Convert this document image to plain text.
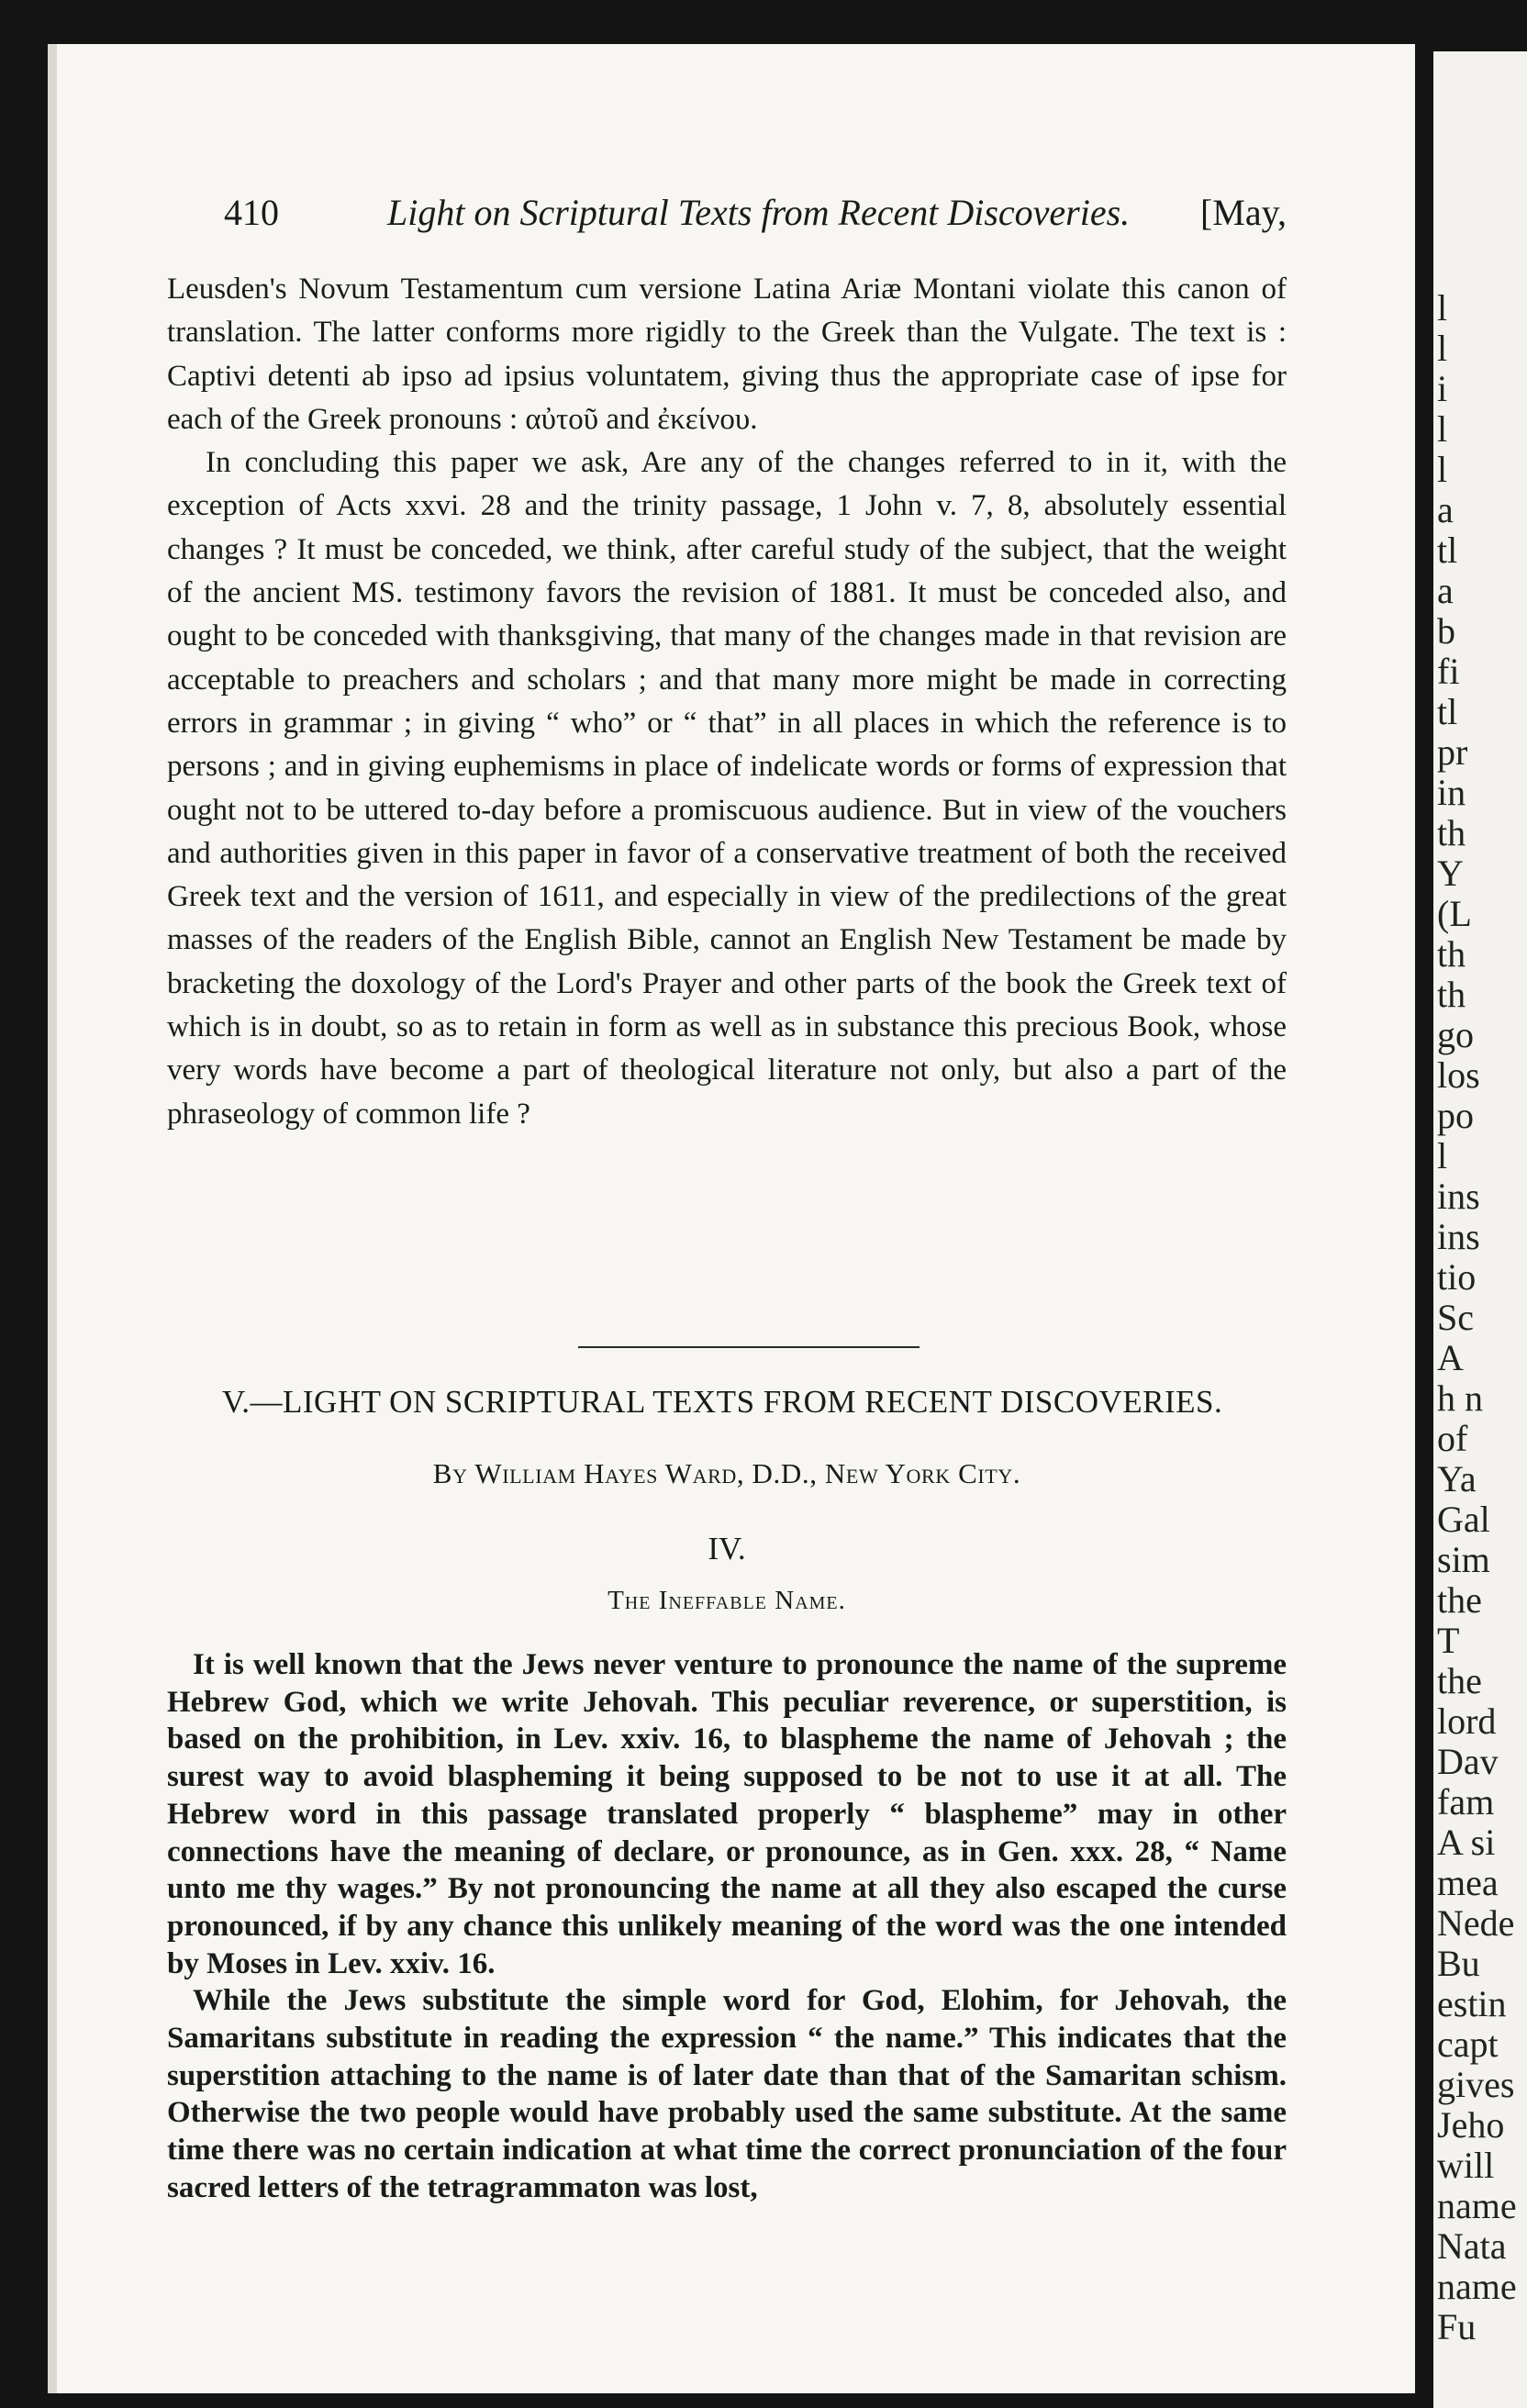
410	Light on Scriptural Texts from Recent Discoveries. [May,

Leusden's Novum Testamentum cum versione Latina Ariæ Montani violate this canon of translation. The latter conforms more rigidly to the Greek than the Vulgate. The text is : Captivi detenti ab ipso ad ipsius voluntatem, giving thus the appropriate case of ipse for each of the Greek pronouns : αὐτοῦ and ἐκείνου.

In concluding this paper we ask, Are any of the changes referred to in it, with the exception of Acts xxvi. 28 and the trinity passage, 1 John v. 7, 8, absolutely essential changes ? It must be conceded, we think, after careful study of the subject, that the weight of the ancient MS. testimony favors the revision of 1881. It must be conceded also, and ought to be conceded with thanksgiving, that many of the changes made in that revision are acceptable to preachers and scholars ; and that many more might be made in correcting errors in grammar ; in giving “ who” or “ that” in all places in which the reference is to persons ; and in giving euphemisms in place of indelicate words or forms of expression that ought not to be uttered to-day before a promiscuous audience. But in view of the vouchers and authorities given in this paper in favor of a conservative treatment of both the received Greek text and the version of 1611, and especially in view of the predilections of the great masses of the readers of the English Bible, cannot an English New Testament be made by bracketing the doxology of the Lord's Prayer and other parts of the book the Greek text of which is in doubt, so as to retain in form as well as in substance this precious Book, whose very words have become a part of theological literature not only, but also a part of the phraseology of common life ?

V.—LIGHT ON SCRIPTURAL TEXTS FROM RECENT DISCOVERIES.
By William Hayes Ward, D.D., New York City.
IV.
The Ineffable Name.

It is well known that the Jews never venture to pronounce the name of the supreme Hebrew God, which we write Jehovah. This peculiar reverence, or superstition, is based on the prohibition, in Lev. xxiv. 16, to blaspheme the name of Jehovah ; the surest way to avoid blaspheming it being supposed to be not to use it at all. The Hebrew word in this passage translated properly “ blaspheme” may in other connections have the meaning of declare, or pronounce, as in Gen. xxx. 28, “ Name unto me thy wages.” By not pronouncing the name at all they also escaped the curse pronounced, if by any chance this unlikely meaning of the word was the one intended by Moses in Lev. xxiv. 16.

While the Jews substitute the simple word for God, Elohim, for Jehovah, the Samaritans substitute in reading the expression “ the name.” This indicates that the superstition attaching to the name is of later date than that of the Samaritan schism. Otherwise the two people would have probably used the same substitute. At the same time there was no certain indication at what time the correct pronunciation of the four sacred letters of the tetragrammaton was lost,

l
l
i
l
l
a
tl
a
b
fi
tl
pr
in
th
Y
(L
th
th
go
los
po
l
ins
ins
tio
Sc
A
h n
of
Ya
Gal
sim
the
T
the
lord
Dav
fam
A si
mea
Nede
Bu
estin
capt
gives
Jeho
will
name
Nata
name
Fu
